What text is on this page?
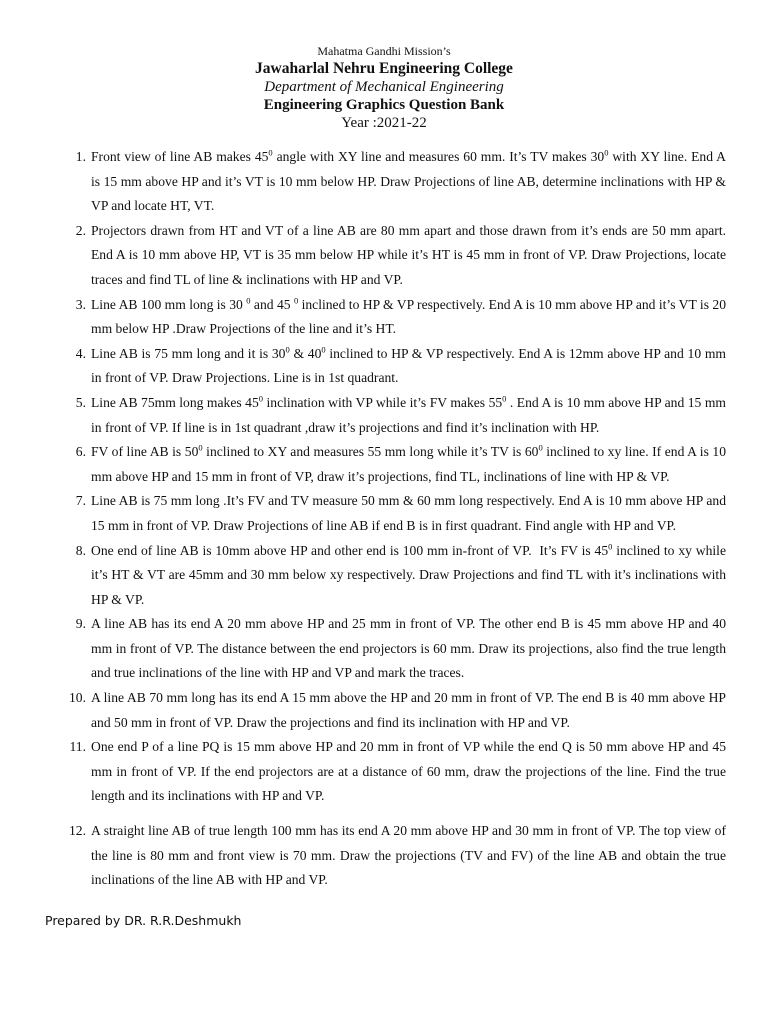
Mahatma Gandhi Mission’s
Jawaharlal Nehru Engineering College
Department of Mechanical Engineering
Engineering Graphics Question Bank
Year :2021-22
1. Front view of line AB makes $45^0$ angle with XY line and measures 60 mm. It’s TV makes $30^0$ with XY line. End A is 15 mm above HP and it’s VT is 10 mm below HP. Draw Projections of line AB, determine inclinations with HP & VP and locate HT, VT.
2. Projectors drawn from HT and VT of a line AB are 80 mm apart and those drawn from it’s ends are 50 mm apart. End A is 10 mm above HP, VT is 35 mm below HP while it’s HT is 45 mm in front of VP. Draw Projections, locate traces and find TL of line & inclinations with HP and VP.
3. Line AB 100 mm long is 30 $^0$ and 45 $^0$ inclined to HP & VP respectively. End A is 10 mm above HP and it’s VT is 20 mm below HP .Draw Projections of the line and it’s HT.
4. Line AB is 75 mm long and it is $30^0$ & $40^0$ inclined to HP & VP respectively. End A is 12mm above HP and 10 mm in front of VP. Draw Projections. Line is in 1st quadrant.
5. Line AB 75mm long makes $45^0$ inclination with VP while it’s FV makes $55^0$ . End A is 10 mm above HP and 15 mm in front of VP. If line is in 1st quadrant ,draw it’s projections and find it’s inclination with HP.
6. FV of line AB is $50^0$ inclined to XY and measures 55 mm long while it’s TV is $60^0$ inclined to xy line. If end A is 10 mm above HP and 15 mm in front of VP, draw it’s projections, find TL, inclinations of line with HP & VP.
7. Line AB is 75 mm long .It’s FV and TV measure 50 mm & 60 mm long respectively. End A is 10 mm above HP and 15 mm in front of VP. Draw Projections of line AB if end B is in first quadrant. Find angle with HP and VP.
8. One end of line AB is 10mm above HP and other end is 100 mm in-front of VP.  It’s FV is $45^0$ inclined to xy while it’s HT & VT are 45mm and 30 mm below xy respectively. Draw Projections and find TL with it’s inclinations with HP & VP.
9. A line AB has its end A 20 mm above HP and 25 mm in front of VP. The other end B is 45 mm above HP and 40 mm in front of VP. The distance between the end projectors is 60 mm. Draw its projections, also find the true length and true inclinations of the line with HP and VP and mark the traces.
10. A line AB 70 mm long has its end A 15 mm above the HP and 20 mm in front of VP. The end B is 40 mm above HP and 50 mm in front of VP. Draw the projections and find its inclination with HP and VP.
11. One end P of a line PQ is 15 mm above HP and 20 mm in front of VP while the end Q is 50 mm above HP and 45 mm in front of VP. If the end projectors are at a distance of 60 mm, draw the projections of the line. Find the true length and its inclinations with HP and VP.
12. A straight line AB of true length 100 mm has its end A 20 mm above HP and 30 mm in front of VP. The top view of the line is 80 mm and front view is 70 mm. Draw the projections (TV and FV) of the line AB and obtain the true inclinations of the line AB with HP and VP.
Prepared by DR. R.R.Deshmukh
